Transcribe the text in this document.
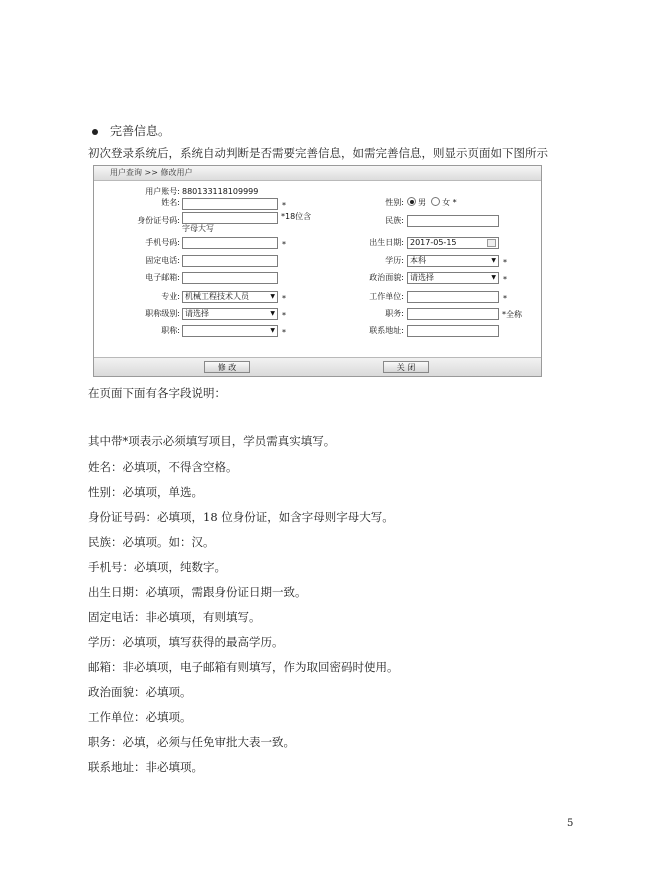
完善信息。
初次登录系统后，系统自动判断是否需要完善信息，如需完善信息，则显示页面如下图所示
用户查询 >> 修改用户
用户账号: 880133118109999
姓名:	*
身份证号码:	*18位含
字母大写
手机号码:	*
固定电话:
电子邮箱:
专业: 机械工程技术人员 ▼	*
职称级别: 请选择 ▼	*
职称:
▼	*
性别:	男 女 *
民族:
出生日期: 2017-05-15
学历: 本科 ▼	*
政治面貌: 请选择 ▼	*
工作单位:	*
职务:	*全称
联系地址:
修 改	关 闭
在页面下面有各字段说明：
其中带*项表示必须填写项目，学员需真实填写。
姓名：必填项，不得含空格。
性别：必填项，单选。
身份证号码：必填项，18 位身份证，如含字母则字母大写。
民族：必填项。如：汉。
手机号：必填项，纯数字。
出生日期：必填项，需跟身份证日期一致。
固定电话：非必填项，有则填写。
学历：必填项，填写获得的最高学历。
邮箱：非必填项，电子邮箱有则填写，作为取回密码时使用。
政治面貌：必填项。
工作单位：必填项。
职务：必填，必须与任免审批大表一致。
联系地址：非必填项。
5
